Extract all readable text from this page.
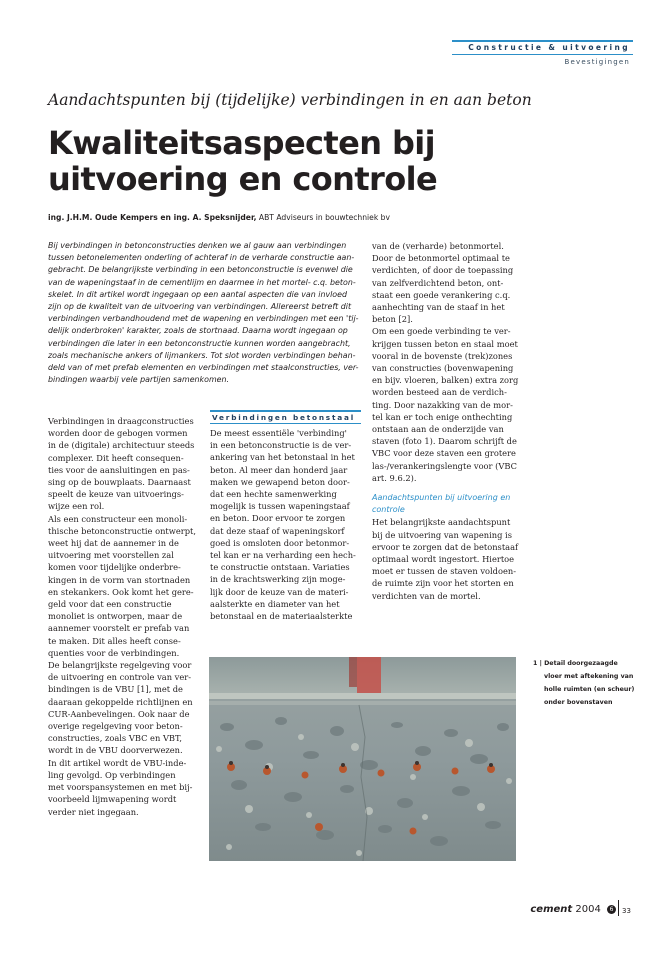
Constructie & uitvoering
Bevestigingen
Aandachtspunten bij (tijdelijke) verbindingen in en aan beton
Kwaliteitsaspecten bij uitvoering en controle
ing. J.H.M. Oude Kempers en ing. A. Speksnijder, ABT Adviseurs in bouwtechniek bv
Bij verbindingen in betonconstructies denken we al gauw aan verbindingen
tussen betonelementen onderling of achteraf in de verharde constructie aan-
gebracht. De belangrijkste verbinding in een betonconstructie is evenwel die
van de wapeningstaaf in de cementlijm en daarmee in het mortel- c.q. beton-
skelet. In dit artikel wordt ingegaan op een aantal aspecten die van invloed
zijn op de kwaliteit van de uitvoering van verbindingen. Allereerst betreft dit
verbindingen verbandhoudend met de wapening en verbindingen met een 'tij-
delijk onderbroken' karakter, zoals de stortnaad. Daarna wordt ingegaan op
verbindingen die later in een betonconstructie kunnen worden aangebracht,
zoals mechanische ankers of lijmankers. Tot slot worden verbindingen behan-
deld van of met prefab elementen en verbindingen met staalconstructies, ver-
bindingen waarbij vele partijen samenkomen.
Verbindingen in draagconstructies
worden door de gebogen vormen
in de (digitale) architectuur steeds
complexer. Dit heeft consequen-
ties voor de aansluitingen en pas-
sing op de bouwplaats. Daarnaast
speelt de keuze van uitvoerings-
wijze een rol.
Als een constructeur een monoli-
thische betonconstructie ontwerpt,
weet hij dat de aannemer in de
uitvoering met voorstellen zal
komen voor tijdelijke onderbre-
kingen in de vorm van stortnaden
en stekankers. Ook komt het gere-
geld voor dat een constructie
monoliet is ontworpen, maar de
aannemer voorstelt er prefab van
te maken. Dit alles heeft conse-
quenties voor de verbindingen.
De belangrijkste regelgeving voor
de uitvoering en controle van ver-
bindingen is de VBU [1], met de
daaraan gekoppelde richtlijnen en
CUR-Aanbevelingen. Ook naar de
overige regelgeving voor beton-
constructies, zoals VBC en VBT,
wordt in de VBU doorverwezen.
In dit artikel wordt de VBU-inde-
ling gevolgd. Op verbindingen
met voorspansystemen en met bij-
voorbeeld lijmwapening wordt
verder niet ingegaan.
Verbindingen betonstaal
De meest essentiële 'verbinding'
in een betonconstructie is de ver-
ankering van het betonstaal in het
beton. Al meer dan honderd jaar
maken we gewapend beton door-
dat een hechte samenwerking
mogelijk is tussen wapeningstaaf
en beton. Door ervoor te zorgen
dat deze staaf of wapeningskorf
goed is omsloten door betonmor-
tel kan er na verharding een hech-
te constructie ontstaan. Variaties
in de krachtswerking zijn moge-
lijk door de keuze van de materi-
aalsterkte en diameter van het
betonstaal en de materiaalsterkte
van de (verharde) betonmortel.
Door de betonmortel optimaal te
verdichten, of door de toepassing
van zelfverdichtend beton, ont-
staat een goede verankering c.q.
aanhechting van de staaf in het
beton [2].
Om een goede verbinding te ver-
krijgen tussen beton en staal moet
vooral in de bovenste (trek)zones
van constructies (bovenwapening
en bijv. vloeren, balken) extra zorg
worden besteed aan de verdich-
ting. Door nazakking van de mor-
tel kan er toch enige onthechting
ontstaan aan de onderzijde van
staven (foto 1). Daarom schrijft de
VBC voor deze staven een grotere
las-/verankeringslengte voor (VBC
art. 9.6.2).
Aandachtspunten bij uitvoering en
controle
Het belangrijkste aandachtspunt
bij de uitvoering van wapening is
ervoor te zorgen dat de betonstaaf
optimaal wordt ingestort. Hiertoe
moet er tussen de staven voldoen-
de ruimte zijn voor het storten en
verdichten van de mortel.
1 | Detail doorgezaagde
vloer met aftekening van
holle ruimten (en scheur)
onder bovenstaven
cement 2004 6	33
